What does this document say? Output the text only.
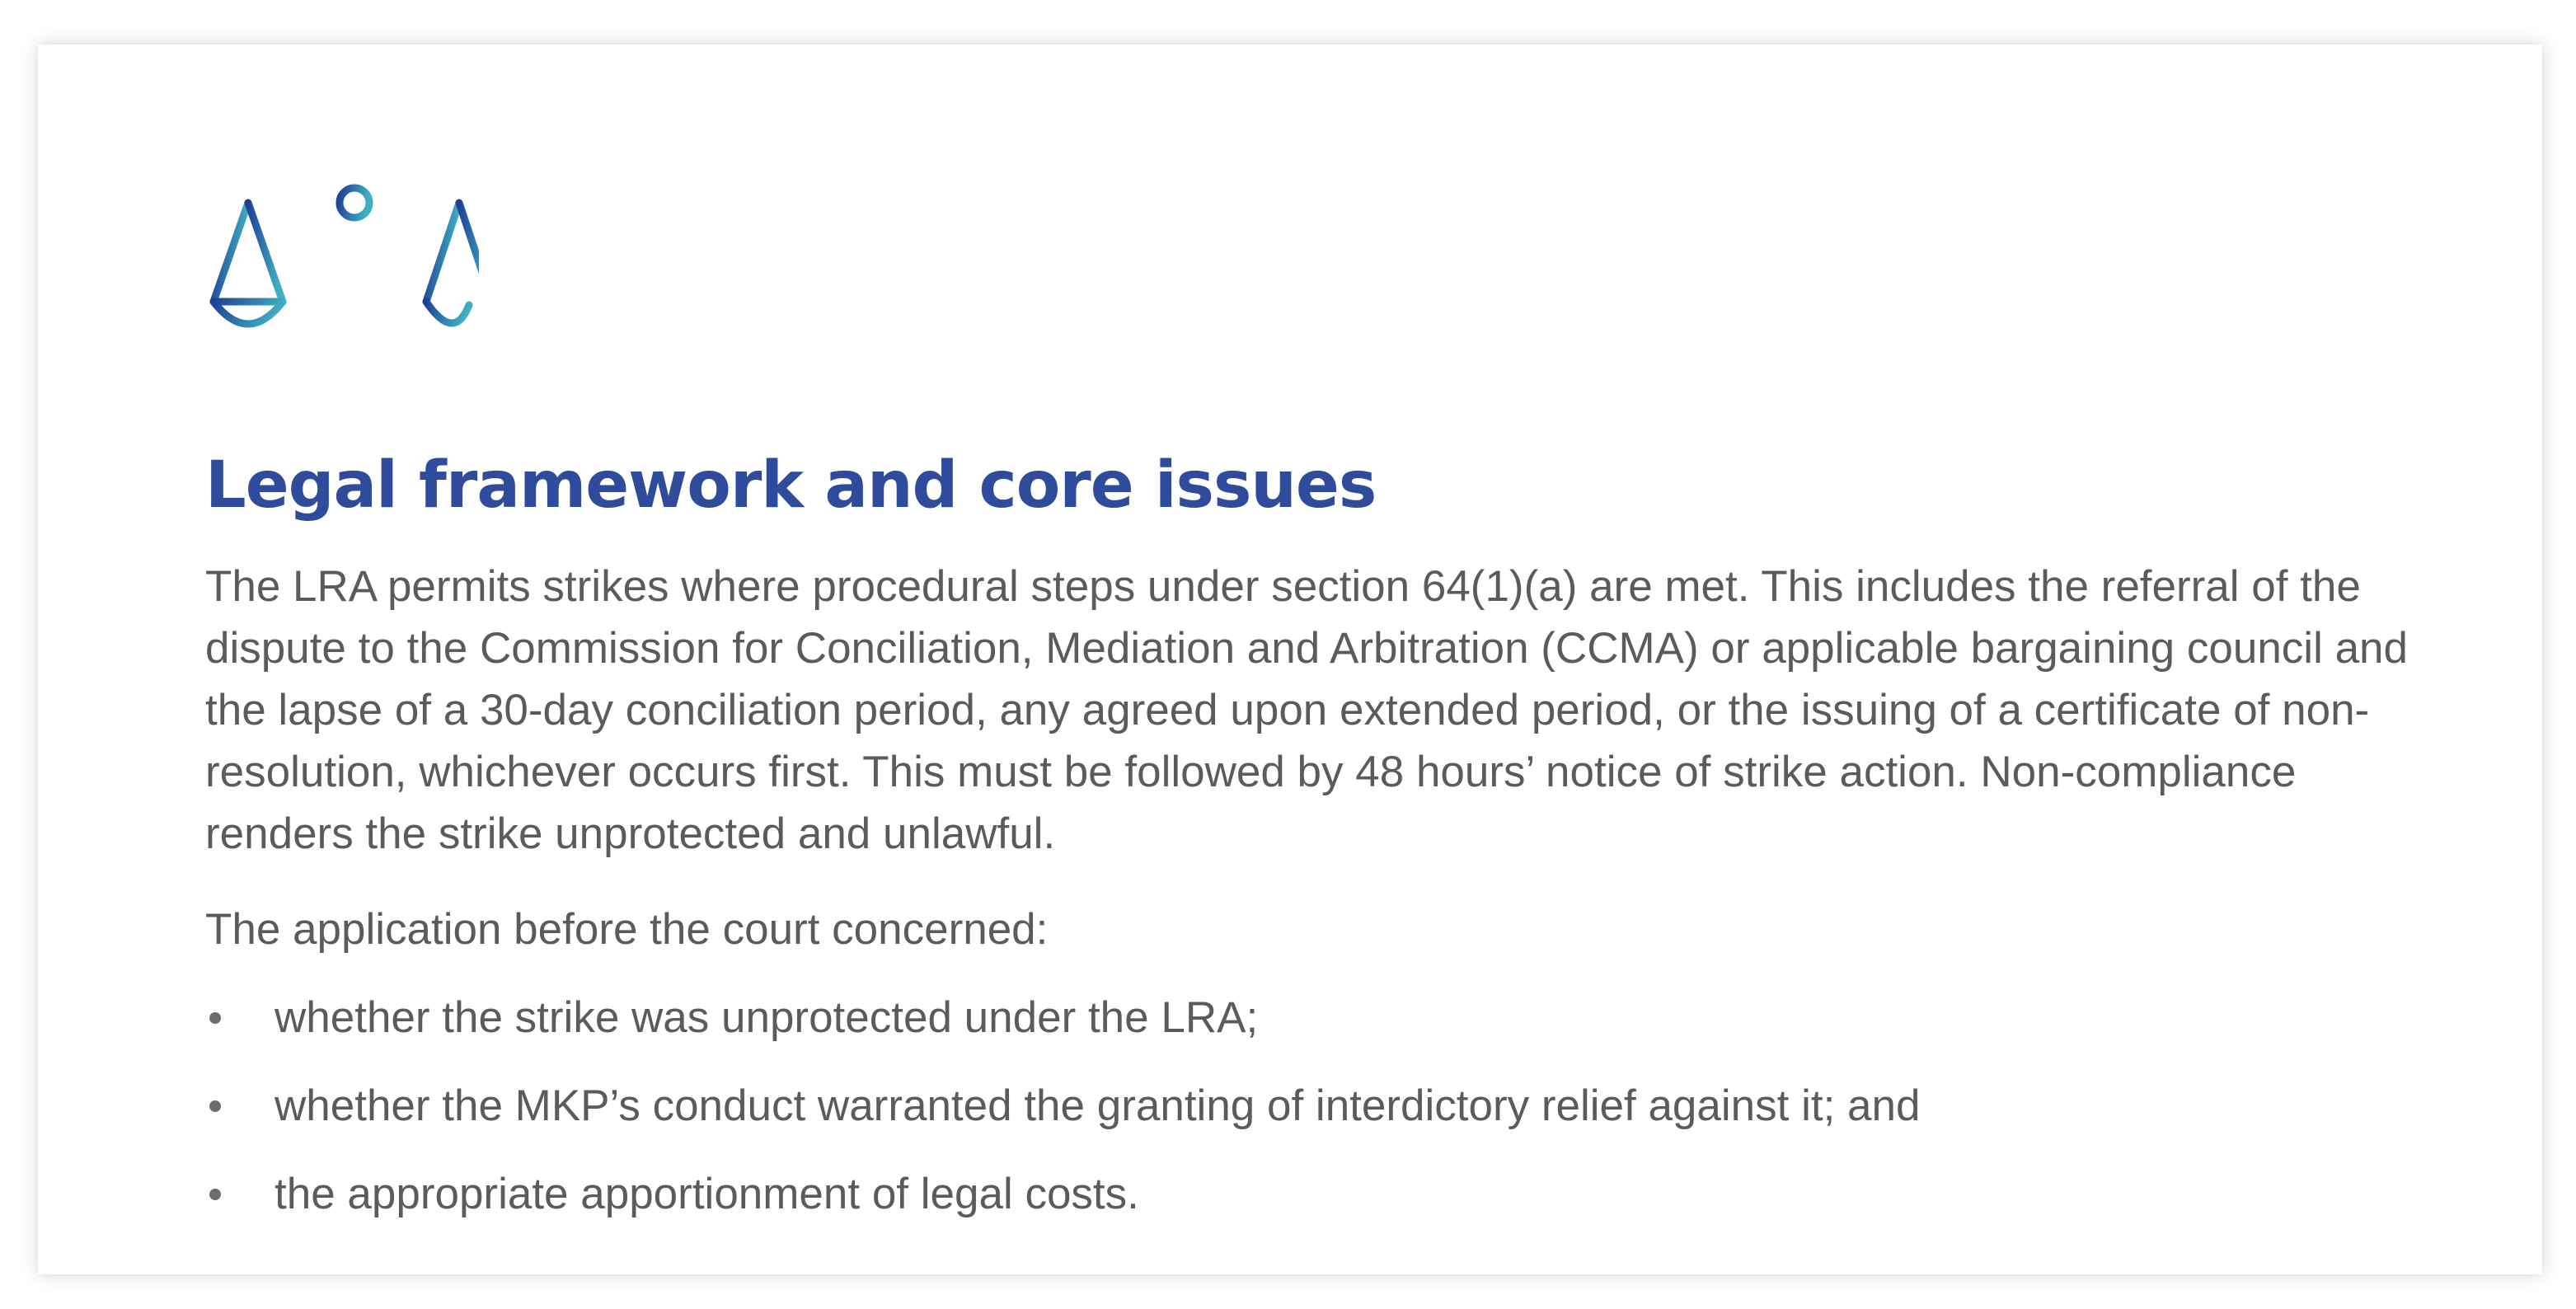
Legal framework and core issues

The LRA permits strikes where procedural steps under section 64(1)(a) are met. This includes the referral of the dispute to the Commission for Conciliation, Mediation and Arbitration (CCMA) or applicable bargaining council and the lapse of a 30-day conciliation period, any agreed upon extended period, or the issuing of a certificate of non-resolution, whichever occurs first. This must be followed by 48 hours’ notice of strike action. Non-compliance renders the strike unprotected and unlawful.

The application before the court concerned:

whether the strike was unprotected under the LRA;
whether the MKP’s conduct warranted the granting of interdictory relief against it; and
the appropriate apportionment of legal costs.
